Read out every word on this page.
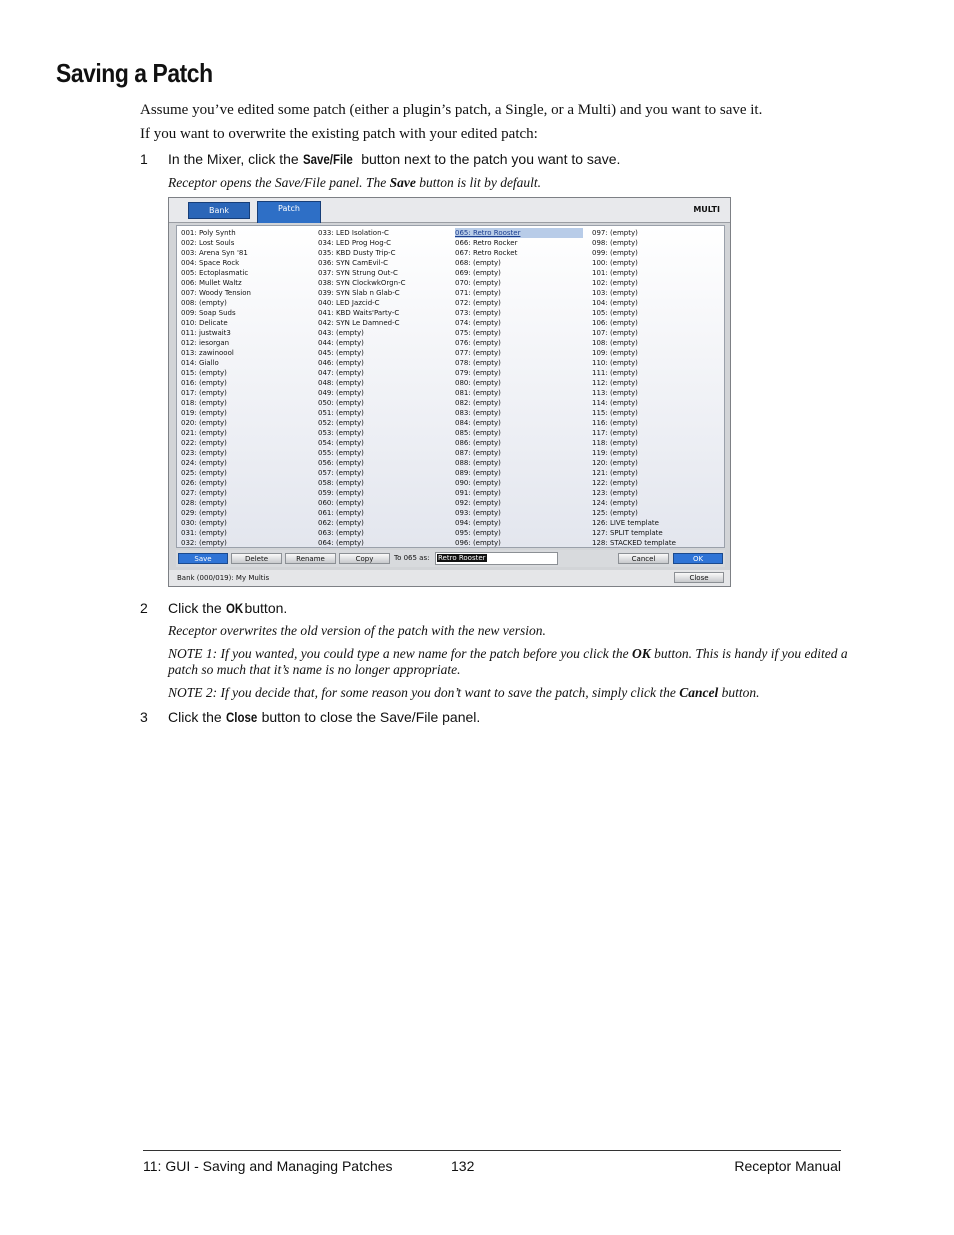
Saving a Patch
Assume you’ve edited some patch (either a plugin’s patch, a Single, or a Multi) and you want to save it.
If you want to overwrite the existing patch with your edited patch:
1 In the Mixer, click the Save/File button next to the patch you want to save.
Receptor opens the Save/File panel. The Save button is lit by default.
Bank	Patch	MULTI
001: Poly Synth
002: Lost Souls
003: Arena Syn '81
004: Space Rock
005: Ectoplasmatic
006: Mullet Waltz
007: Woody Tension
008: (empty)
009: Soap Suds
010: Delicate
011: justwait3
012: iesorgan
013: zawinoool
014: Giallo
015: (empty)
016: (empty)
017: (empty)
018: (empty)
019: (empty)
020: (empty)
021: (empty)
022: (empty)
023: (empty)
024: (empty)
025: (empty)
026: (empty)
027: (empty)
028: (empty)
029: (empty)
030: (empty)
031: (empty)
032: (empty)
033: LED Isolation-C
034: LED Prog Hog-C
035: KBD Dusty Trip-C
036: SYN CamEvil-C
037: SYN Strung Out-C
038: SYN ClockwkOrgn-C
039: SYN Slab n Glab-C
040: LED Jazcid-C
041: KBD Waits'Party-C
042: SYN Le Damned-C
043: (empty)
044: (empty)
045: (empty)
046: (empty)
047: (empty)
048: (empty)
049: (empty)
050: (empty)
051: (empty)
052: (empty)
053: (empty)
054: (empty)
055: (empty)
056: (empty)
057: (empty)
058: (empty)
059: (empty)
060: (empty)
061: (empty)
062: (empty)
063: (empty)
064: (empty)
065: Retro Rooster
066: Retro Rocker
067: Retro Rocket
068: (empty)
069: (empty)
070: (empty)
071: (empty)
072: (empty)
073: (empty)
074: (empty)
075: (empty)
076: (empty)
077: (empty)
078: (empty)
079: (empty)
080: (empty)
081: (empty)
082: (empty)
083: (empty)
084: (empty)
085: (empty)
086: (empty)
087: (empty)
088: (empty)
089: (empty)
090: (empty)
091: (empty)
092: (empty)
093: (empty)
094: (empty)
095: (empty)
096: (empty)
097: (empty)
098: (empty)
099: (empty)
100: (empty)
101: (empty)
102: (empty)
103: (empty)
104: (empty)
105: (empty)
106: (empty)
107: (empty)
108: (empty)
109: (empty)
110: (empty)
111: (empty)
112: (empty)
113: (empty)
114: (empty)
115: (empty)
116: (empty)
117: (empty)
118: (empty)
119: (empty)
120: (empty)
121: (empty)
122: (empty)
123: (empty)
124: (empty)
125: (empty)
126: LIVE template
127: SPLIT template
128: STACKED template
Save	Delete	Rename	Copy	To 065 as:	Retro Rooster	Cancel	OK
Bank (000/019): My Multis	Close
2 Click the OK button.
Receptor overwrites the old version of the patch with the new version.
NOTE 1: If you wanted, you could type a new name for the patch before you click the OK button. This is handy if you edited a patch so much that it’s name is no longer appropriate.
NOTE 2: If you decide that, for some reason you don’t want to save the patch, simply click the Cancel button.
3 Click the Close button to close the Save/File panel.
11: GUI - Saving and Managing Patches	132	Receptor Manual
